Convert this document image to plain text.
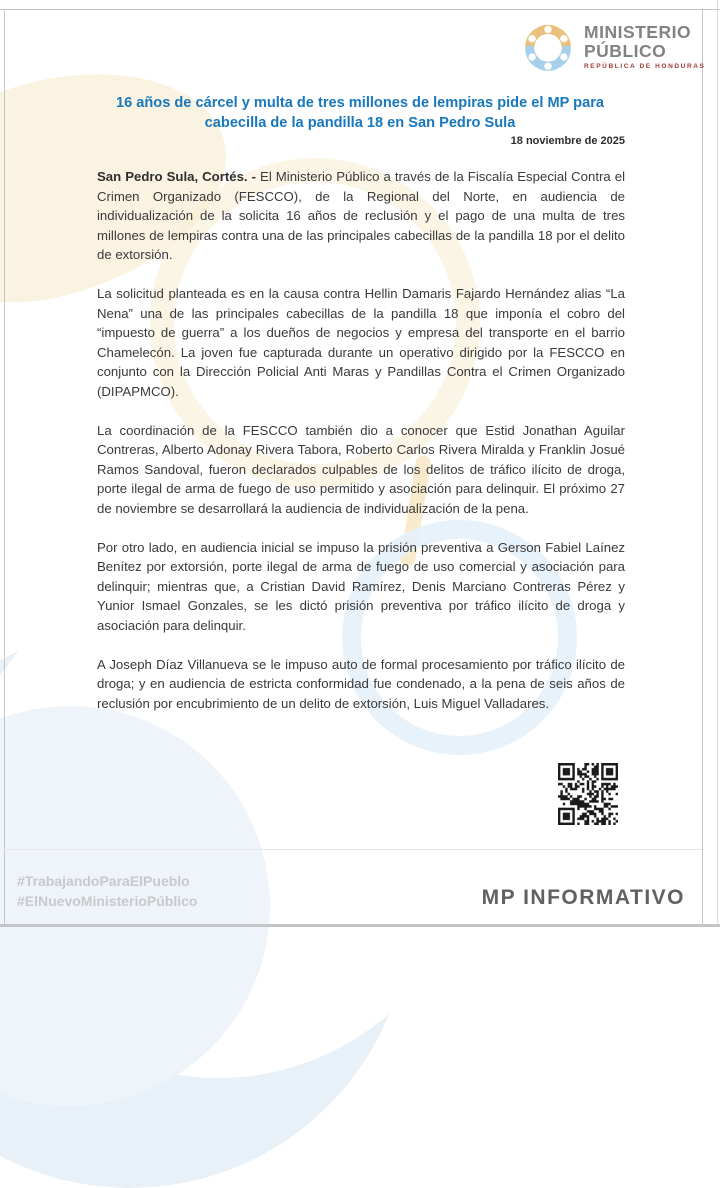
MINISTERIO
PÚBLICO
REPÚBLICA DE HONDURAS
16 años de cárcel y multa de tres millones de lempiras pide el MP para cabecilla de la pandilla 18 en San Pedro Sula
18 noviembre de 2025

San Pedro Sula, Cortés. - El Ministerio Público a través de la Fiscalía Especial Contra el Crimen Organizado (FESCCO), de la Regional del Norte, en audiencia de individualización de la solicita 16 años de reclusión y el pago de una multa de tres millones de lempiras contra una de las principales cabecillas de la pandilla 18 por el delito de extorsión.

La solicitud planteada es en la causa contra Hellin Damaris Fajardo Hernández alias “La Nena” una de las principales cabecillas de la pandilla 18 que imponía el cobro del “impuesto de guerra” a los dueños de negocios y empresa del transporte en el barrio Chamelecón. La joven fue capturada durante un operativo dirigido por la FESCCO en conjunto con la Dirección Policial Anti Maras y Pandillas Contra el Crimen Organizado (DIPAPMCO).

La coordinación de la FESCCO también dio a conocer que Estid Jonathan Aguilar Contreras, Alberto Adonay Rivera Tabora, Roberto Carlos Rivera Miralda y Franklin Josué Ramos Sandoval, fueron declarados culpables de los delitos de tráfico ilícito de droga, porte ilegal de arma de fuego de uso permitido y asociación para delinquir. El próximo 27 de noviembre se desarrollará la audiencia de individualización de la pena.

Por otro lado, en audiencia inicial se impuso la prisión preventiva a Gerson Fabiel Laínez Benítez por extorsión, porte ilegal de arma de fuego de uso comercial y asociación para delinquir; mientras que, a Cristian David Ramírez, Denis Marciano Contreras Pérez y Yunior Ismael Gonzales, se les dictó prisión preventiva por tráfico ilícito de droga y asociación para delinquir.

A Joseph Díaz Villanueva se le impuso auto de formal procesamiento por tráfico ilícito de droga; y en audiencia de estricta conformidad fue condenado, a la pena de seis años de reclusión por encubrimiento de un delito de extorsión, Luis Miguel Valladares.

#TrabajandoParaElPueblo
#ElNuevoMinisterioPúblico	MP INFORMATIVO
